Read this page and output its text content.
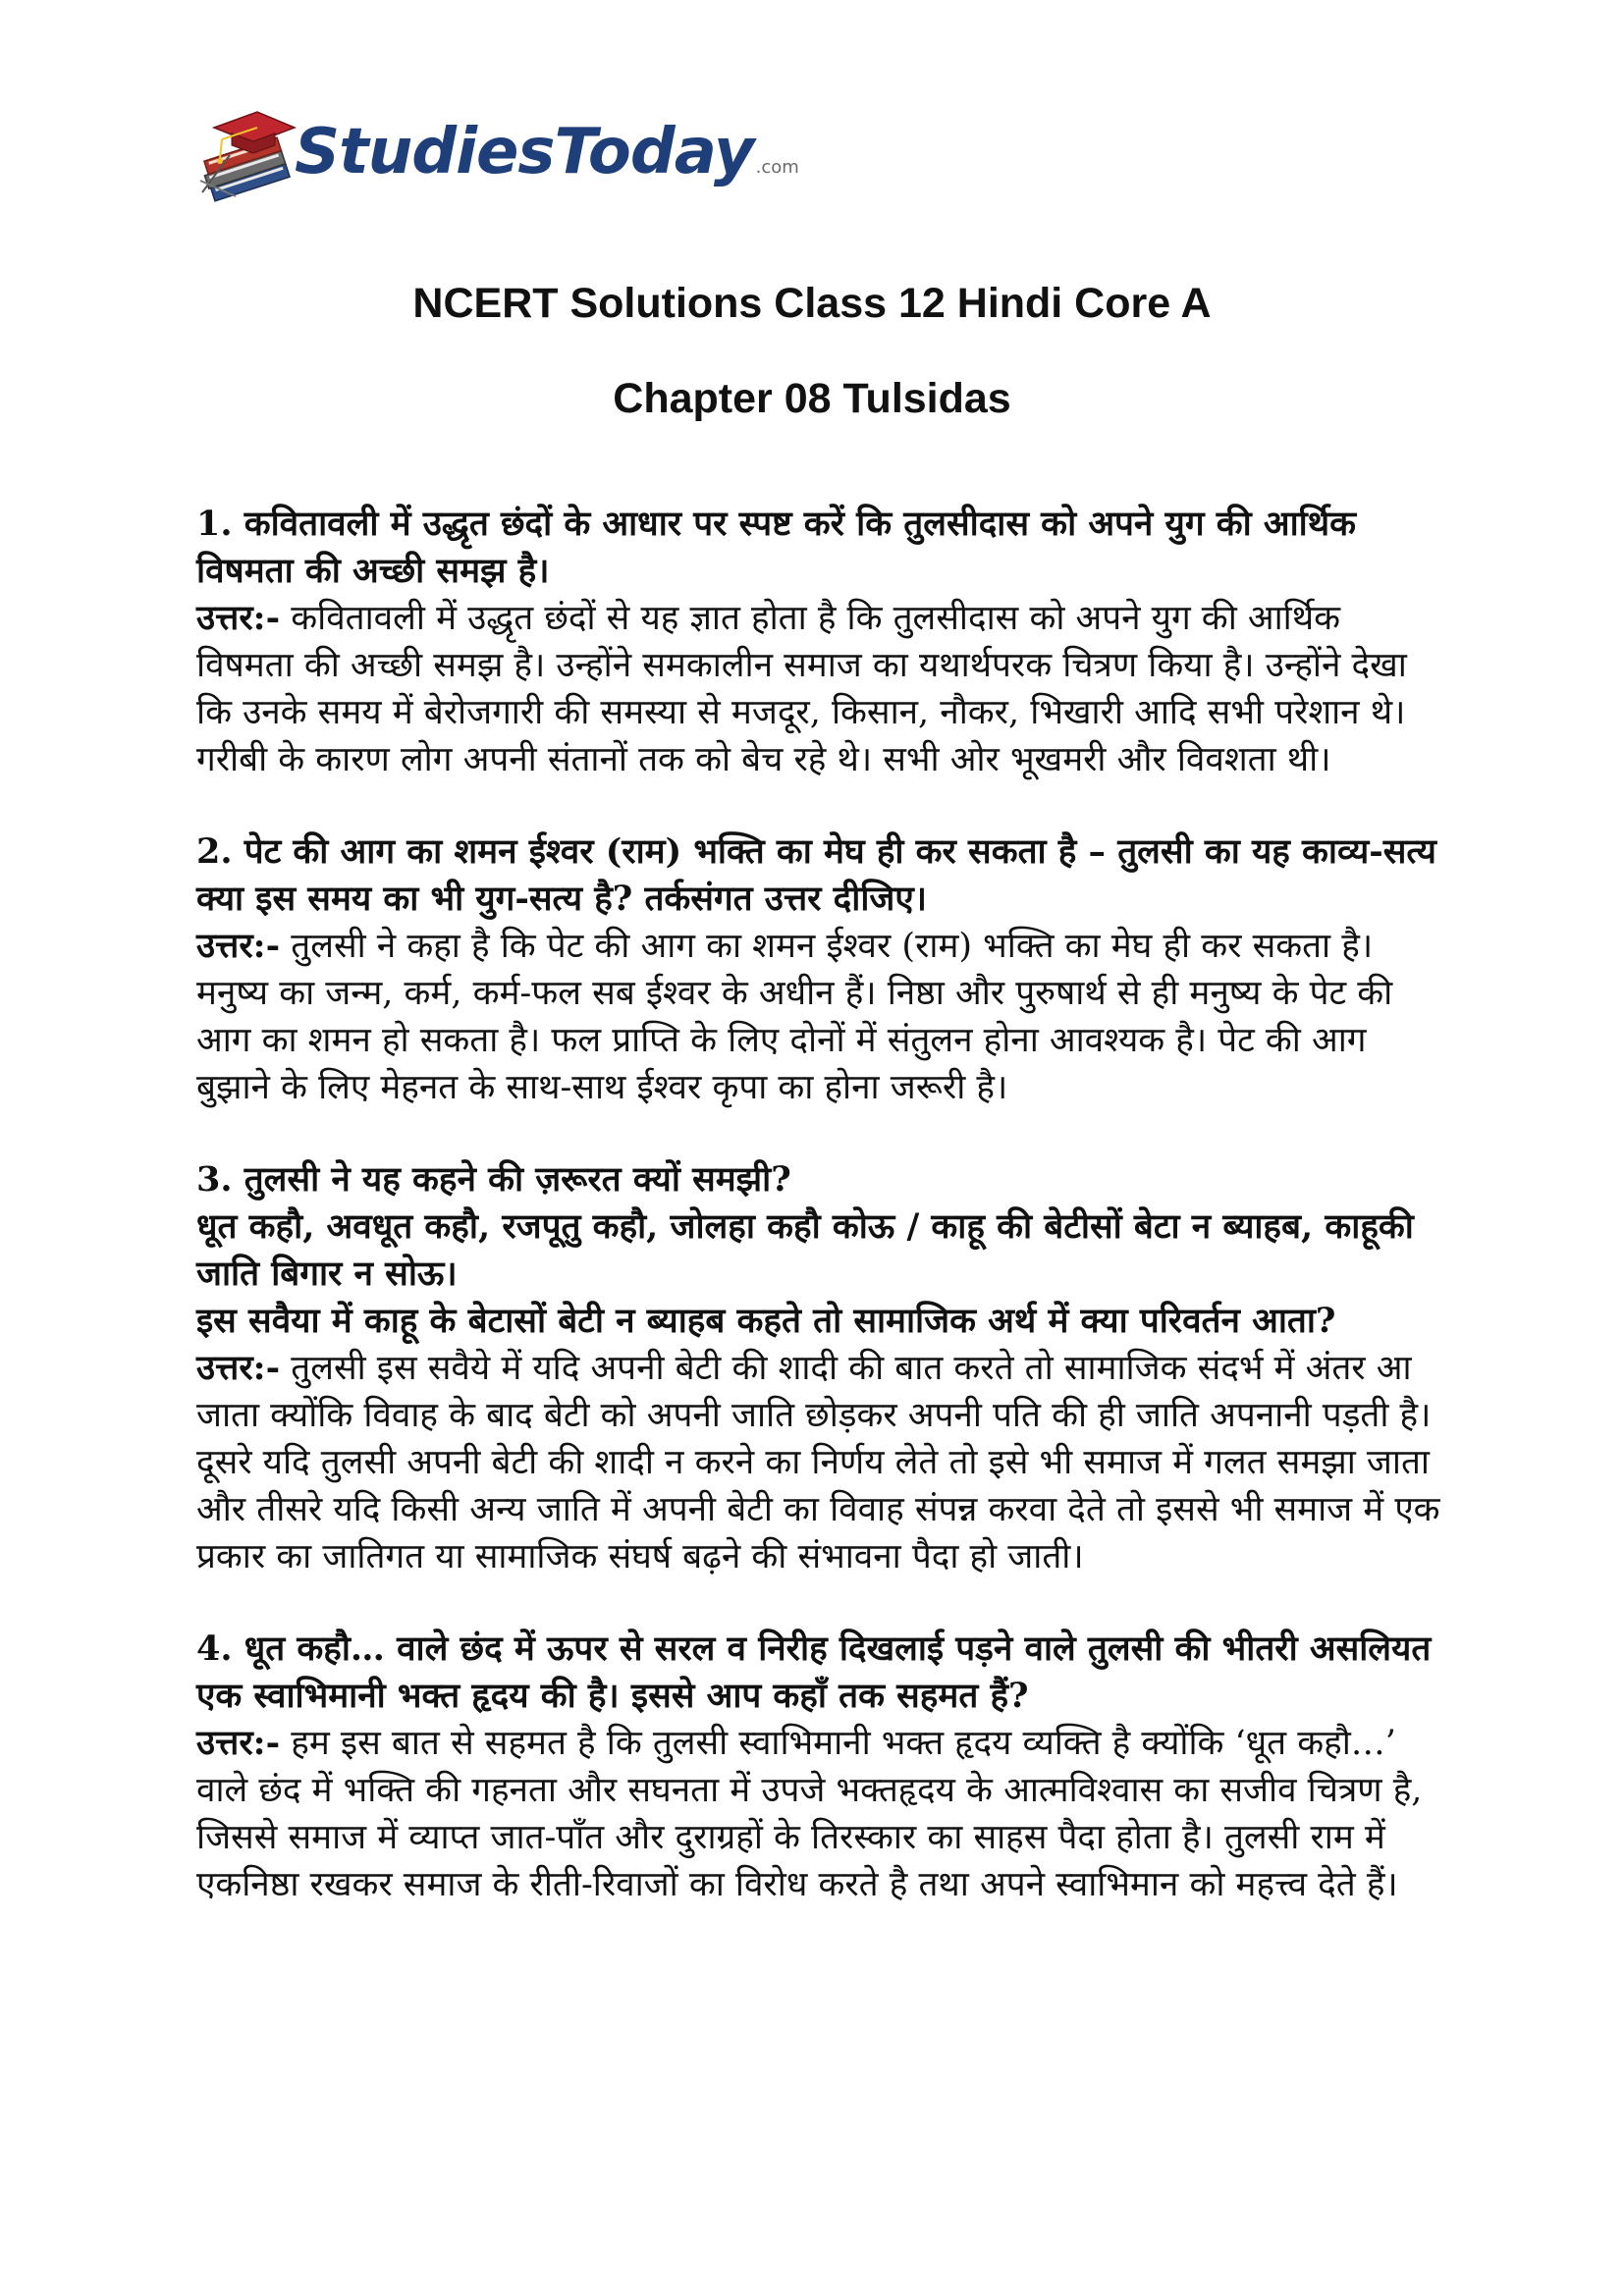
StudiesToday .com
NCERT Solutions Class 12 Hindi Core A
Chapter 08 Tulsidas

1. कवितावली में उद्धृत छंदों के आधार पर स्पष्ट करें कि तुलसीदास को अपने युग की आर्थिक विषमता की अच्छी समझ है।

उत्तर:- कवितावली में उद्धृत छंदों से यह ज्ञात होता है कि तुलसीदास को अपने युग की आर्थिक विषमता की अच्छी समझ है। उन्होंने समकालीन समाज का यथार्थपरक चित्रण किया है। उन्होंने देखा कि उनके समय में बेरोजगारी की समस्या से मजदूर, किसान, नौकर, भिखारी आदि सभी परेशान थे। गरीबी के कारण लोग अपनी संतानों तक को बेच रहे थे। सभी ओर भूखमरी और विवशता थी।

2. पेट की आग का शमन ईश्वर (राम) भक्ति का मेघ ही कर सकता है – तुलसी का यह काव्य-सत्य क्या इस समय का भी युग-सत्य है? तर्कसंगत उत्तर दीजिए।

उत्तर:- तुलसी ने कहा है कि पेट की आग का शमन ईश्वर (राम) भक्ति का मेघ ही कर सकता है। मनुष्य का जन्म, कर्म, कर्म-फल सब ईश्वर के अधीन हैं। निष्ठा और पुरुषार्थ से ही मनुष्य के पेट की आग का शमन हो सकता है। फल प्राप्ति के लिए दोनों में संतुलन होना आवश्यक है। पेट की आग बुझाने के लिए मेहनत के साथ-साथ ईश्वर कृपा का होना जरूरी है।

3. तुलसी ने यह कहने की ज़रूरत क्यों समझी?

धूत कहौ, अवधूत कहौ, रजपूतु कहौ, जोलहा कहौ कोऊ / काहू की बेटीसों बेटा न ब्याहब, काहूकी जाति बिगार न सोऊ।

इस सवैया में काहू के बेटासों बेटी न ब्याहब कहते तो सामाजिक अर्थ में क्या परिवर्तन आता?

उत्तर:- तुलसी इस सवैये में यदि अपनी बेटी की शादी की बात करते तो सामाजिक संदर्भ में अंतर आ जाता क्योंकि विवाह के बाद बेटी को अपनी जाति छोड़कर अपनी पति की ही जाति अपनानी पड़ती है। दूसरे यदि तुलसी अपनी बेटी की शादी न करने का निर्णय लेते तो इसे भी समाज में गलत समझा जाता और तीसरे यदि किसी अन्य जाति में अपनी बेटी का विवाह संपन्न करवा देते तो इससे भी समाज में एक प्रकार का जातिगत या सामाजिक संघर्ष बढ़ने की संभावना पैदा हो जाती।

4. धूत कहौ… वाले छंद में ऊपर से सरल व निरीह दिखलाई पड़ने वाले तुलसी की भीतरी असलियत एक स्वाभिमानी भक्त हृदय की है। इससे आप कहाँ तक सहमत हैं?

उत्तर:- हम इस बात से सहमत है कि तुलसी स्वाभिमानी भक्त हृदय व्यक्ति है क्योंकि ‘धूत कहौ…’ वाले छंद में भक्ति की गहनता और सघनता में उपजे भक्तहृदय के आत्मविश्वास का सजीव चित्रण है, जिससे समाज में व्याप्त जात-पाँत और दुराग्रहों के तिरस्कार का साहस पैदा होता है। तुलसी राम में एकनिष्ठा रखकर समाज के रीती-रिवाजों का विरोध करते है तथा अपने स्वाभिमान को महत्त्व देते हैं।
